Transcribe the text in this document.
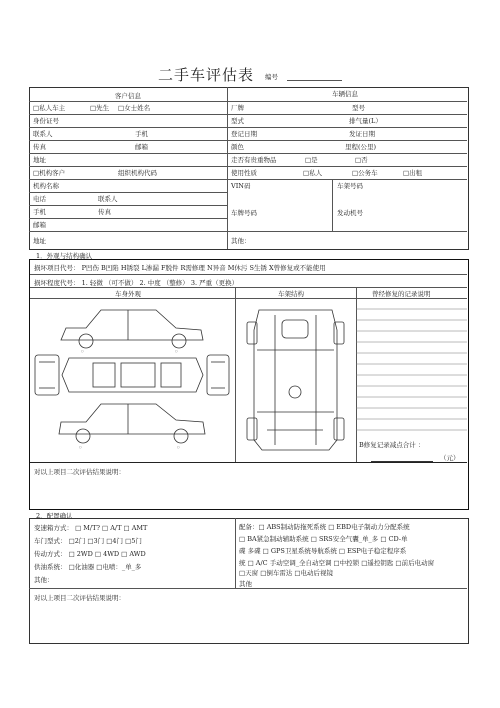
二手车评估表 编号
客户信息
□私人车主	□先生 □女士姓名
身份证号
联系人	手机
传真	邮箱
地址
□机构客户	组织机构代码
机构名称
电话	联系人
手机	传真
邮箱
地址
车辆信息
厂牌	型号
型式	排气量(L）
登记日期	发证日期
颜色	里程(公里)
走否有贵重物品	□是	□否
使用性质	□私人	□公务车	□出租
VIN码	车架号码
车牌号码	发动机号
其他：
1．外观与结构确认
损坏项目代号： P凹伤 B凹陷 H锈裂 L渗漏 F脱件 R需修理 N异音 M休污 S生锈 X曾修复或不能使用
损坏程度代号： 1. 轻微 （可不做） 2. 中度 （整修） 3. 严重（更换）
车身外观	车架结构	曾经修复的记录说明
B修复记录减点合计 ：
（元）
对以上项目二次评估结果说明：
○	○
○	○
2．配置确认
变速箱方式： □ M/T? □ A/T □ AMT
车门型式： □2门 □3门 □4门 □5门
传动方式： □ 2WD □ 4WD □ AWD
供油系统： □化油器 □电喷：_单_多
其他：
配备：□ ABS制动防拖死系统 □ EBD电子制动力分配系统
□ BA紧急制动辅助系统 □ SRS安全气囊_单_多 □ CD-单
碟 多碟 □ GPS卫星系统导航系统 □ ESP电子稳定程序系
统 □ A/C 手动空调_全自动空调 □中控锁 □遥控钥匙 □前后电动窗
□天窗 □倒车雷达 □电动后视镜
其他
对以上项目二次评估结果说明：
